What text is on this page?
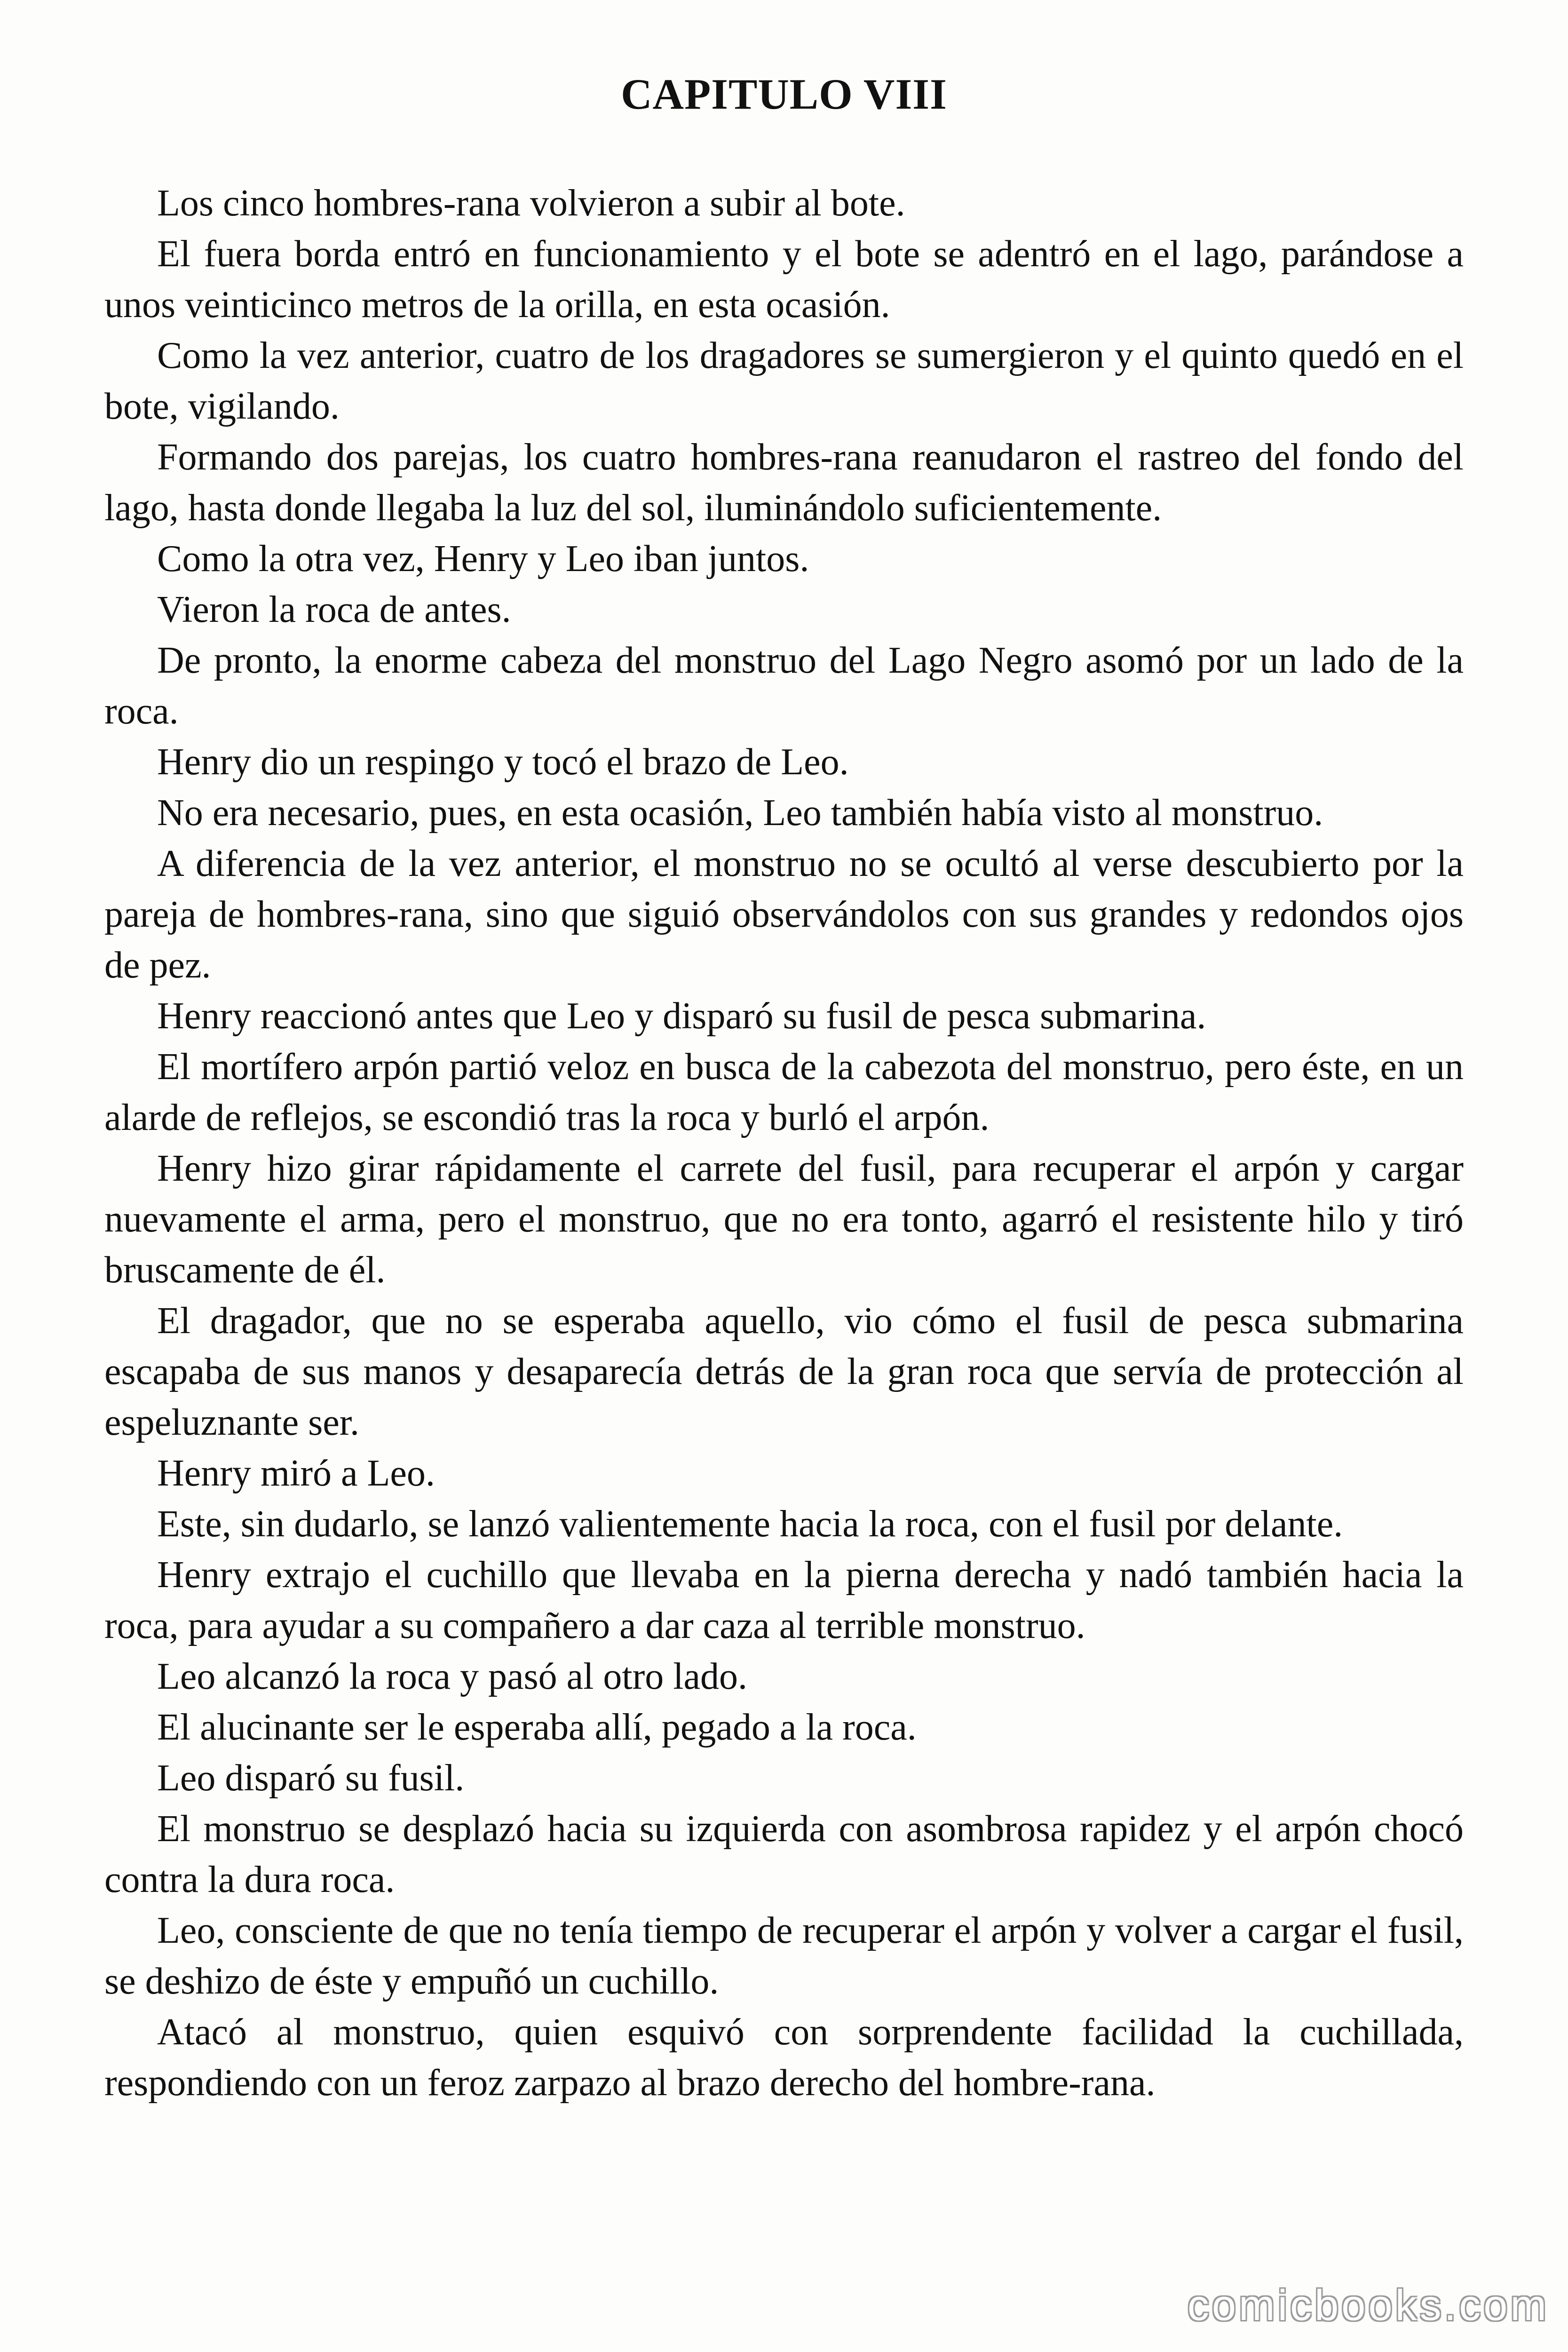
CAPITULO VIII

Los cinco hombres-rana volvieron a subir al bote.

El fuera borda entró en funcionamiento y el bote se adentró en el lago, parándose a unos veinticinco metros de la orilla, en esta ocasión.

Como la vez anterior, cuatro de los dragadores se sumergieron y el quinto quedó en el bote, vigilando.

Formando dos parejas, los cuatro hombres-rana reanudaron el rastreo del fondo del lago, hasta donde llegaba la luz del sol, iluminándolo suficientemente.

Como la otra vez, Henry y Leo iban juntos.

Vieron la roca de antes.

De pronto, la enorme cabeza del monstruo del Lago Negro asomó por un lado de la roca.

Henry dio un respingo y tocó el brazo de Leo.

No era necesario, pues, en esta ocasión, Leo también había visto al monstruo.

A diferencia de la vez anterior, el monstruo no se ocultó al verse descubierto por la pareja de hombres-rana, sino que siguió observándolos con sus grandes y redondos ojos de pez.

Henry reaccionó antes que Leo y disparó su fusil de pesca submarina.

El mortífero arpón partió veloz en busca de la cabezota del monstruo, pero éste, en un alarde de reflejos, se escondió tras la roca y burló el arpón.

Henry hizo girar rápidamente el carrete del fusil, para recuperar el arpón y cargar nuevamente el arma, pero el monstruo, que no era tonto, agarró el resistente hilo y tiró bruscamente de él.

El dragador, que no se esperaba aquello, vio cómo el fusil de pesca submarina escapaba de sus manos y desaparecía detrás de la gran roca que servía de protección al espeluznante ser.

Henry miró a Leo.

Este, sin dudarlo, se lanzó valientemente hacia la roca, con el fusil por delante.

Henry extrajo el cuchillo que llevaba en la pierna derecha y nadó también hacia la roca, para ayudar a su compañero a dar caza al terrible monstruo.

Leo alcanzó la roca y pasó al otro lado.

El alucinante ser le esperaba allí, pegado a la roca.

Leo disparó su fusil.

El monstruo se desplazó hacia su izquierda con asombrosa rapidez y el arpón chocó contra la dura roca.

Leo, consciente de que no tenía tiempo de recuperar el arpón y volver a cargar el fusil, se deshizo de éste y empuñó un cuchillo.

Atacó al monstruo, quien esquivó con sorprendente facilidad la cuchillada, respondiendo con un feroz zarpazo al brazo derecho del hombre-rana.

comicbooks.com
